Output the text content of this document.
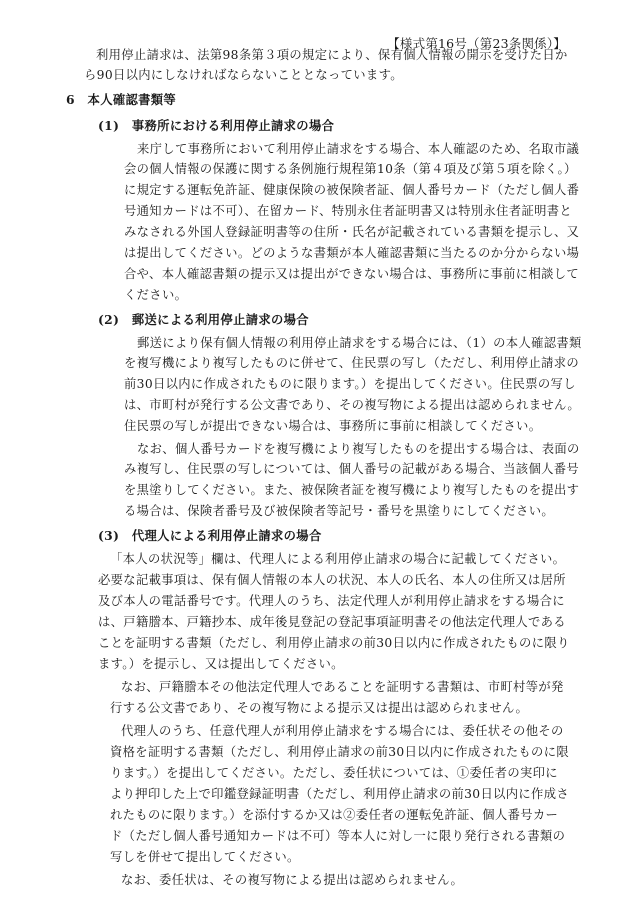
【様式第16号（第23条関係）】
利用停止請求は、法第98条第３項の規定により、保有個人情報の開示を受けた日か
ら90日以内にしなければならないこととなっています。
6　本人確認書類等
(1)　事務所における利用停止請求の場合
来庁して事務所において利用停止請求をする場合、本人確認のため、名取市議
会の個人情報の保護に関する条例施行規程第10条（第４項及び第５項を除く。）
に規定する運転免許証、健康保険の被保険者証、個人番号カード（ただし個人番
号通知カードは不可）、在留カード、特別永住者証明書又は特別永住者証明書と
みなされる外国人登録証明書等の住所・氏名が記載されている書類を提示し、又
は提出してください。どのような書類が本人確認書類に当たるのか分からない場
合や、本人確認書類の提示又は提出ができない場合は、事務所に事前に相談して
ください。
(2)　郵送による利用停止請求の場合
郵送により保有個人情報の利用停止請求をする場合には、（1）の本人確認書類
を複写機により複写したものに併せて、住民票の写し（ただし、利用停止請求の
前30日以内に作成されたものに限ります。）を提出してください。住民票の写し
は、市町村が発行する公文書であり、その複写物による提出は認められません。
住民票の写しが提出できない場合は、事務所に事前に相談してください。
なお、個人番号カードを複写機により複写したものを提出する場合は、表面の
み複写し、住民票の写しについては、個人番号の記載がある場合、当該個人番号
を黒塗りしてください。また、被保険者証を複写機により複写したものを提出す
る場合は、保険者番号及び被保険者等記号・番号を黒塗りにしてください。
(3)　代理人による利用停止請求の場合
「本人の状況等」欄は、代理人による利用停止請求の場合に記載してください。
必要な記載事項は、保有個人情報の本人の状況、本人の氏名、本人の住所又は居所
及び本人の電話番号です。代理人のうち、法定代理人が利用停止請求をする場合に
は、戸籍謄本、戸籍抄本、成年後見登記の登記事項証明書その他法定代理人である
ことを証明する書類（ただし、利用停止請求の前30日以内に作成されたものに限り
ます。）を提示し、又は提出してください。
なお、戸籍謄本その他法定代理人であることを証明する書類は、市町村等が発
行する公文書であり、その複写物による提示又は提出は認められません。
代理人のうち、任意代理人が利用停止請求をする場合には、委任状その他その
資格を証明する書類（ただし、利用停止請求の前30日以内に作成されたものに限
ります。）を提出してください。ただし、委任状については、①委任者の実印に
より押印した上で印鑑登録証明書（ただし、利用停止請求の前30日以内に作成さ
れたものに限ります。）を添付するか又は②委任者の運転免許証、個人番号カー
ド（ただし個人番号通知カードは不可）等本人に対し一に限り発行される書類の
写しを併せて提出してください。
なお、委任状は、その複写物による提出は認められません。
